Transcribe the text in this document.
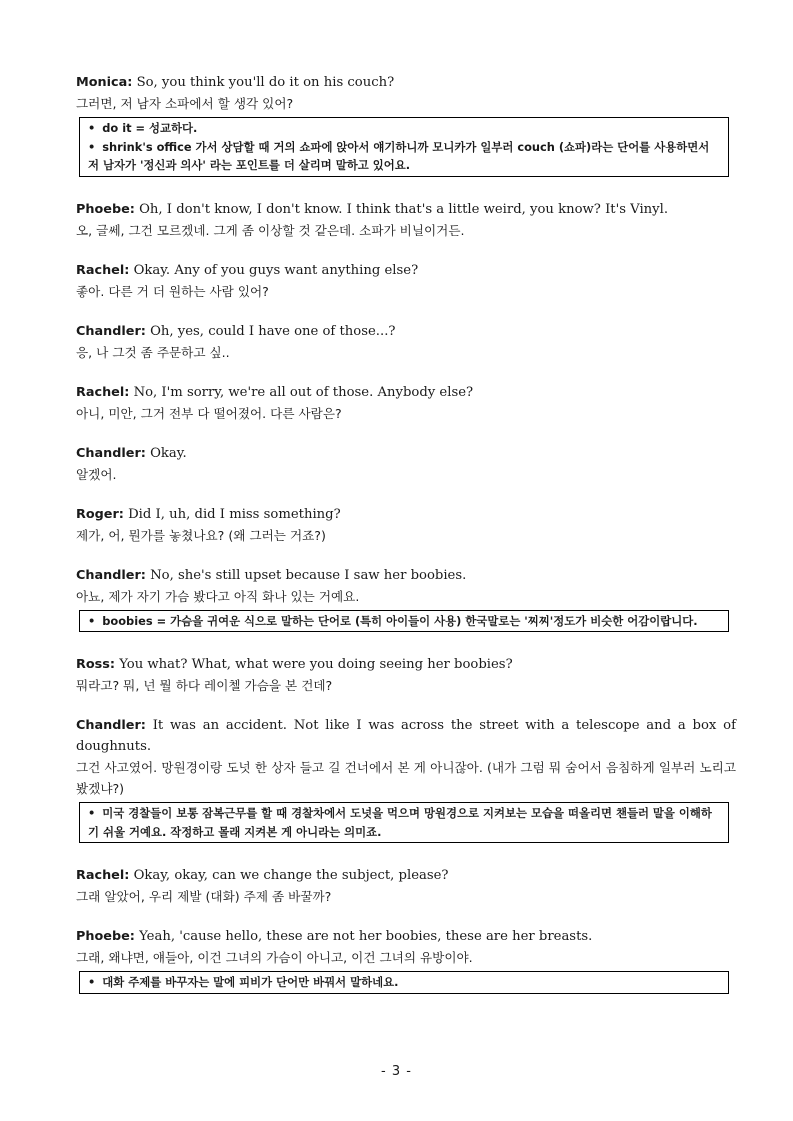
Monica: So, you think you'll do it on his couch?
그러면, 저 남자 소파에서 할 생각 있어?
• do it = 성교하다.
• shrink's office 가서 상담할 때 거의 쇼파에 앉아서 얘기하니까 모니카가 일부러 couch (쇼파)라는 단어를 사용하면서 저 남자가 '정신과 의사' 라는 포인트를 더 살리며 말하고 있어요.
Phoebe: Oh, I don't know, I don't know. I think that's a little weird, you know? It's Vinyl.
오, 글쎄, 그건 모르겠네. 그게 좀 이상할 것 같은데. 소파가 비닐이거든.
Rachel: Okay. Any of you guys want anything else?
좋아. 다른 거 더 원하는 사람 있어?
Chandler: Oh, yes, could I have one of those...?
응, 나 그것 좀 주문하고 싶..
Rachel: No, I'm sorry, we're all out of those. Anybody else?
아니, 미안, 그거 전부 다 떨어졌어. 다른 사람은?
Chandler: Okay.
알겠어.
Roger: Did I, uh, did I miss something?
제가, 어, 뭔가를 놓쳤나요? (왜 그러는 거죠?)
Chandler: No, she's still upset because I saw her boobies.
아뇨, 제가 자기 가슴 봤다고 아직 화나 있는 거예요.
• boobies = 가슴을 귀여운 식으로 말하는 단어로 (특히 아이들이 사용) 한국말로는 '찌찌'정도가 비슷한 어감이랍니다.
Ross: You what? What, what were you doing seeing her boobies?
뭐라고? 뭐, 넌 뭘 하다 레이첼 가슴을 본 건데?
Chandler: It was an accident. Not like I was across the street with a telescope and a box of doughnuts.
그건 사고였어. 망원경이랑 도넛 한 상자 들고 길 건너에서 본 게 아니잖아. (내가 그럼 뭐 숨어서 음침하게 일부러 노리고 봤겠냐?)
• 미국 경찰들이 보통 잠복근무를 할 때 경찰차에서 도넛을 먹으며 망원경으로 지켜보는 모습을 떠올리면 챈들러 말을 이해하기 쉬울 거예요. 작정하고 몰래 지켜본 게 아니라는 의미죠.
Rachel: Okay, okay, can we change the subject, please?
그래 알았어, 우리 제발 (대화) 주제 좀 바꿀까?
Phoebe: Yeah, 'cause hello, these are not her boobies, these are her breasts.
그래, 왜냐면, 얘들아, 이건 그녀의 가슴이 아니고, 이건 그녀의 유방이야.
• 대화 주제를 바꾸자는 말에 피비가 단어만 바꿔서 말하네요.
- 3 -
